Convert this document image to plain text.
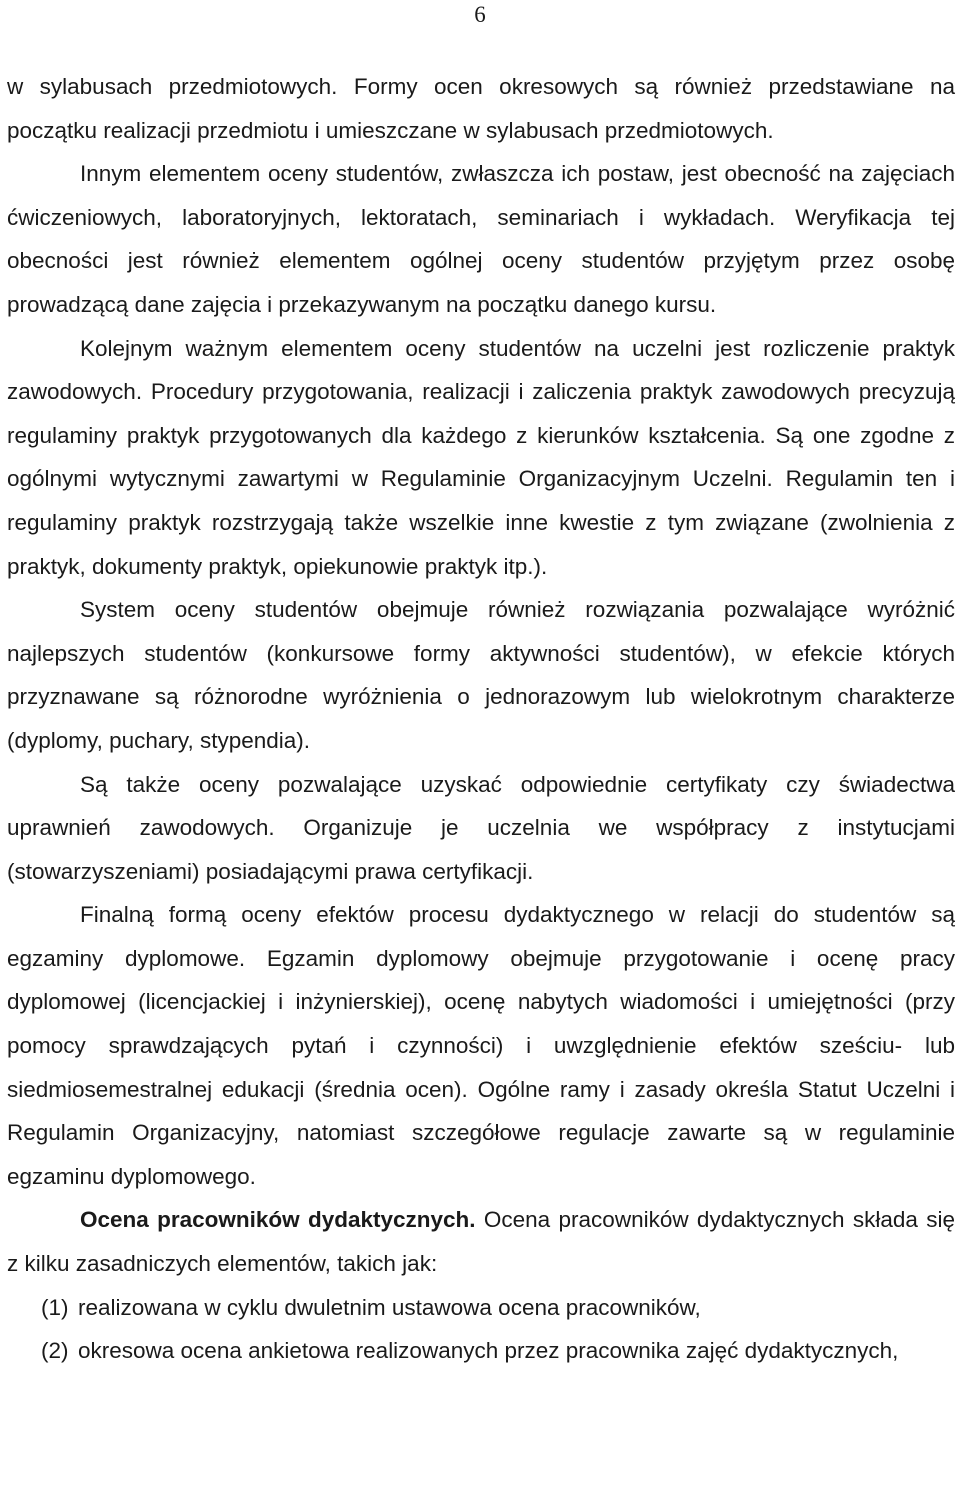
6

w sylabusach przedmiotowych. Formy ocen okresowych są również przedstawiane na początku realizacji przedmiotu i umieszczane w sylabusach przedmiotowych.

Innym elementem oceny studentów, zwłaszcza ich postaw, jest obecność na zajęciach ćwiczeniowych, laboratoryjnych, lektoratach, seminariach i wykładach. Weryfikacja tej obecności jest również elementem ogólnej oceny studentów przyjętym przez osobę prowadzącą dane zajęcia i przekazywanym na początku danego kursu.

Kolejnym ważnym elementem oceny studentów na uczelni jest rozliczenie praktyk zawodowych. Procedury przygotowania, realizacji i zaliczenia praktyk zawodowych precyzują regulaminy praktyk przygotowanych dla każdego z kierunków kształcenia. Są one zgodne z ogólnymi wytycznymi zawartymi w Regulaminie Organizacyjnym Uczelni. Regulamin ten i regulaminy praktyk rozstrzygają także wszelkie inne kwestie z tym związane (zwolnienia z praktyk, dokumenty praktyk, opiekunowie praktyk itp.).

System oceny studentów obejmuje również rozwiązania pozwalające wyróżnić najlepszych studentów (konkursowe formy aktywności studentów), w efekcie których przyznawane są różnorodne wyróżnienia o jednorazowym lub wielokrotnym charakterze (dyplomy, puchary, stypendia).

Są także oceny pozwalające uzyskać odpowiednie certyfikaty czy świadectwa uprawnień zawodowych. Organizuje je uczelnia we współpracy z instytucjami (stowarzyszeniami) posiadającymi prawa certyfikacji.

Finalną formą oceny efektów procesu dydaktycznego w relacji do studentów są egzaminy dyplomowe. Egzamin dyplomowy obejmuje przygotowanie i ocenę pracy dyplomowej (licencjackiej i inżynierskiej), ocenę nabytych wiadomości i umiejętności (przy pomocy sprawdzających pytań i czynności) i uwzględnienie efektów sześciu- lub siedmiosemestralnej edukacji (średnia ocen). Ogólne ramy i zasady określa Statut Uczelni i Regulamin Organizacyjny, natomiast szczegółowe regulacje zawarte są w regulaminie egzaminu dyplomowego.

Ocena pracowników dydaktycznych. Ocena pracowników dydaktycznych składa się z kilku zasadniczych elementów, takich jak:

(1) realizowana w cyklu dwuletnim ustawowa ocena pracowników,
(2) okresowa ocena ankietowa realizowanych przez pracownika zajęć dydaktycznych,
